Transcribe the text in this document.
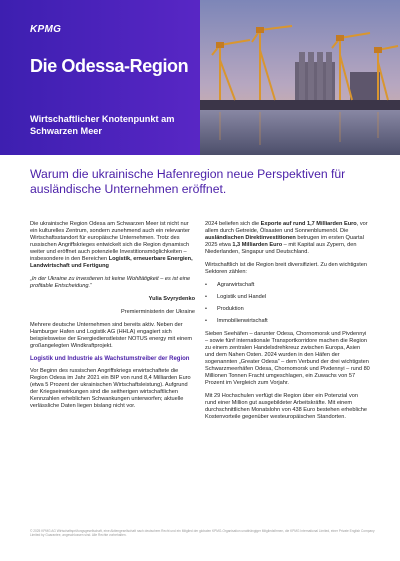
KPMG
Die Odessa-Region
Wirtschaftlicher Knotenpunkt am Schwarzen Meer
Warum die ukrainische Hafenregion neue Perspektiven für ausländische Unternehmen eröffnet.

Die ukrainische Region Odesa am Schwarzen Meer ist nicht nur ein kulturelles Zentrum, sondern zunehmend auch ein relevanter Wirtschaftsstandort für europäische Unternehmen. Trotz des russischen Angriffskrieges entwickelt sich die Region dynamisch weiter und eröffnet auch potenzielle Investitionsmöglichkeiten – insbesondere in den Bereichen Logistik, erneuerbare Energien, Landwirtschaft und Fertigung

„In der Ukraine zu investieren ist keine Wohltätigkeit – es ist eine profitable Entscheidung.“

Yulia Svyrydenko

Premierministerin der Ukraine

Mehrere deutsche Unternehmen sind bereits aktiv. Neben der Hamburger Hafen und Logistik AG (HHLA) engagiert sich beispielsweise der Energiedienstleister NOTUS energy mit einem großangelegten Windkraftprojekt.

Logistik und Industrie als Wachstumstreiber der Region

Vor Beginn des russischen Angriffskriegs erwirtschaftete die Region Odesa im Jahr 2021 ein BIP von rund 8,4 Milliarden Euro (etwa 5 Prozent der ukrainischen Wirtschaftsleistung). Aufgrund der Kriegseinwirkungen sind die seitherigen wirtschaftlichen Kennzahlen erheblichen Schwankungen unterworfen; aktuelle verlässliche Daten liegen bislang nicht vor.

2024 beliefen sich die Exporte auf rund 1,7 Milliarden Euro, vor allem durch Getreide, Ölsaaten und Sonnenblumenöl. Die ausländischen Direktinvestitionen betrugen im ersten Quartal 2025 etwa 1,3 Milliarden Euro – mit Kapital aus Zypern, den Niederlanden, Singapur und Deutschland.

Wirtschaftlich ist die Region breit diversifiziert. Zu den wichtigsten Sektoren zählen:

• Agrarwirtschaft
• Logistik und Handel
• Produktion
• Immobilienwirtschaft

Sieben Seehäfen – darunter Odesa, Chornomorsk und Pivdennyi – sowie fünf internationale Transportkorridore machen die Region zu einem zentralen Handelsdrehkreuz zwischen Europa, Asien und dem Nahen Osten. 2024 wurden in den Häfen der sogenannten „Greater Odesa“ – dem Verbund der drei wichtigsten Schwarzmeerhäfen Odesa, Chornomorsk und Pivdennyi – rund 80 Millionen Tonnen Fracht umgeschlagen, ein Zuwachs von 57 Prozent im Vergleich zum Vorjahr.

Mit 29 Hochschulen verfügt die Region über ein Potenzial von rund einer Million gut ausgebildeter Arbeitskräfte. Mit einem durchschnittlichen Monatslohn von 438 Euro bestehen erhebliche Kostenvorteile gegenüber westeuropäischen Standorten.

© 2025 KPMG AG Wirtschaftsprüfungsgesellschaft, eine Aktiengesellschaft nach deutschem Recht und ein Mitglied der globalen KPMG-Organisation unabhängiger Mitgliedsfirmen, die KPMG International Limited, einer Private English Company Limited by Guarantee, angeschlossen sind. Alle Rechte vorbehalten.
